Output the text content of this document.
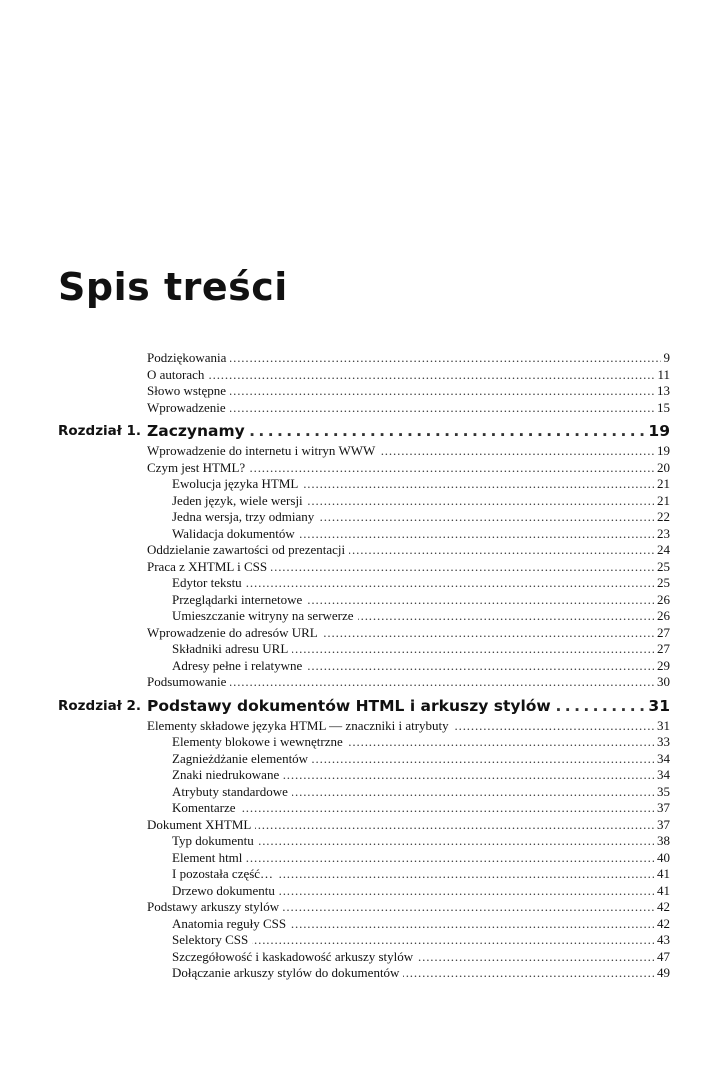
Spis treści
. . .
Podziękowania	9
. . .
O autorach	11
. . .
Słowo wstępne	13
. . .
Wprowadzenie	15
Rozdział 1. . . . Zaczynamy	19
. . .
Wprowadzenie do internetu i witryn WWW	19
. . .
Czym jest HTML?	20
. . .
Ewolucja języka HTML	21
. . .
Jeden język, wiele wersji	21
. . .
Jedna wersja, trzy odmiany	22
. . .
Walidacja dokumentów	23
. . .
Oddzielanie zawartości od prezentacji	24
. . .
Praca z XHTML i CSS	25
. . .
Edytor tekstu	25
. . .
Przeglądarki internetowe	26
. . .
Umieszczanie witryny na serwerze	26
. . .
Wprowadzenie do adresów URL	27
. . .
Składniki adresu URL	27
. . .
Adresy pełne i relatywne	29
. . .
Podsumowanie	30
Rozdział 2. . . . Podstawy dokumentów HTML i arkuszy stylów	31
. . .
Elementy składowe języka HTML — znaczniki i atrybuty	31
. . .
Elementy blokowe i wewnętrzne	33
. . .
Zagnieżdżanie elementów	34
. . .
Znaki niedrukowane	34
. . .
Atrybuty standardowe	35
. . .
Komentarze	37
. . .
Dokument XHTML	37
. . .
Typ dokumentu	38
. . .
Element html	40
. . .
I pozostała część…	41
. . .
Drzewo dokumentu	41
. . .
Podstawy arkuszy stylów	42
. . .
Anatomia reguły CSS	42
. . .
Selektory CSS	43
. . .
Szczegółowość i kaskadowość arkuszy stylów	47
. . .
Dołączanie arkuszy stylów do dokumentów	49
